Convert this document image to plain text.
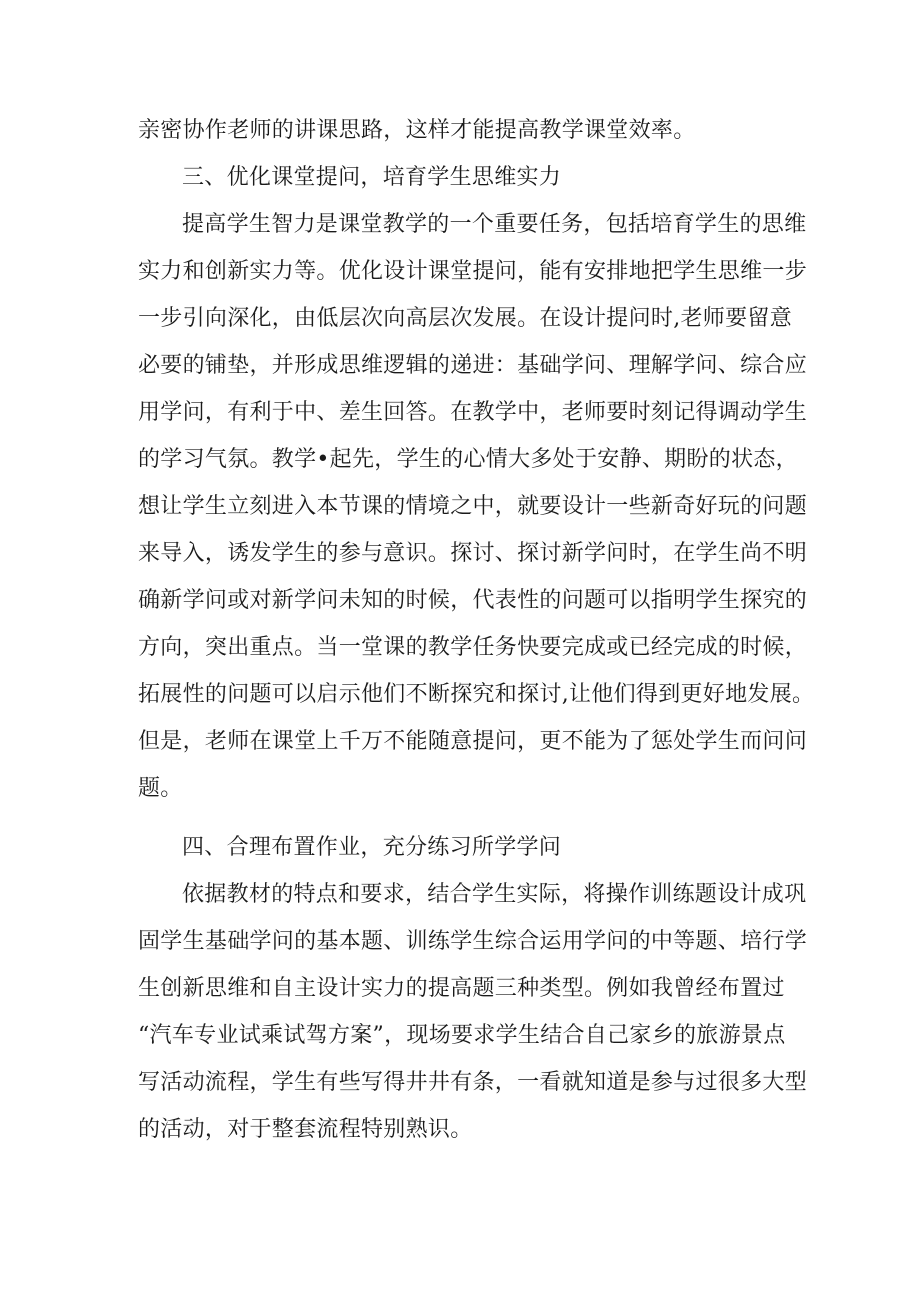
亲密协作老师的讲课思路，这样才能提高教学课堂效率。
三、优化课堂提问，培育学生思维实力
提高学生智力是课堂教学的一个重要任务，包括培育学生的思维
实力和创新实力等。优化设计课堂提问，能有安排地把学生思维一步
一步引向深化，由低层次向高层次发展。在设计提问时,老师要留意
必要的铺垫，并形成思维逻辑的递进：基础学问、理解学问、综合应
用学问，有利于中、差生回答。在教学中，老师要时刻记得调动学生
的学习气氛。教学•起先，学生的心情大多处于安静、期盼的状态，
想让学生立刻进入本节课的情境之中，就要设计一些新奇好玩的问题
来导入，诱发学生的参与意识。探讨、探讨新学问时，在学生尚不明
确新学问或对新学问未知的时候，代表性的问题可以指明学生探究的
方向，突出重点。当一堂课的教学任务快要完成或已经完成的时候，
拓展性的问题可以启示他们不断探究和探讨,让他们得到更好地发展。
但是，老师在课堂上千万不能随意提问，更不能为了惩处学生而问问
题。
四、合理布置作业，充分练习所学学问
依据教材的特点和要求，结合学生实际，将操作训练题设计成巩
固学生基础学问的基本题、训练学生综合运用学问的中等题、培行学
生创新思维和自主设计实力的提高题三种类型。例如我曾经布置过
“汽车专业试乘试驾方案”，现场要求学生结合自己家乡的旅游景点
写活动流程，学生有些写得井井有条，一看就知道是参与过很多大型
的活动，对于整套流程特别熟识。
